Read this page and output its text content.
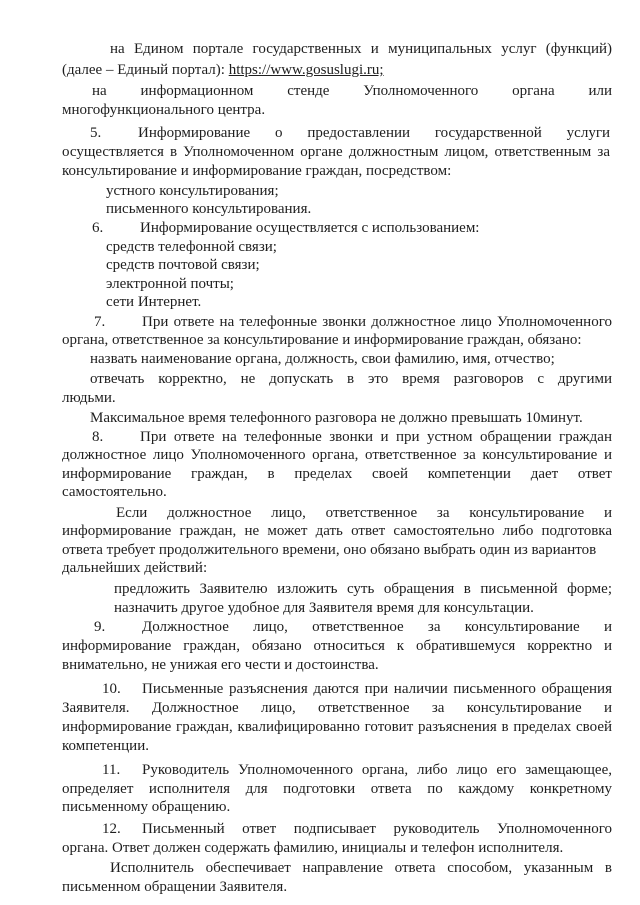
на Едином портале государственных и муниципальных услуг (функций)
(далее – Единый портал): https://www.gosuslugi.ru;
на информационном стенде Уполномоченного органа или
многофункционального центра.
5. Информирование о предоставлении государственной услуги
осуществляется в Уполномоченном органе должностным лицом, ответственным за
консультирование и информирование граждан, посредством:
устного консультирования;
письменного консультирования.
6. Информирование осуществляется с использованием:
средств телефонной связи;
средств почтовой связи;
электронной почты;
сети Интернет.
7. При ответе на телефонные звонки должностное лицо Уполномоченного
органа, ответственное за консультирование и информирование граждан, обязано:
назвать наименование органа, должность, свои фамилию, имя, отчество;
отвечать корректно, не допускать в это время разговоров с другими
людьми.
Максимальное время телефонного разговора не должно превышать 10минут.
8. При ответе на телефонные звонки и при устном обращении граждан
должностное лицо Уполномоченного органа, ответственное за консультирование и
информирование граждан, в пределах своей компетенции дает ответ
самостоятельно.
Если должностное лицо, ответственное за консультирование и
информирование граждан, не может дать ответ самостоятельно либо подготовка
ответа требует продолжительного времени, оно обязано выбрать один из вариантов
дальнейших действий:
предложить Заявителю изложить суть обращения в письменной форме;
назначить другое удобное для Заявителя время для консультации.
9. Должностное лицо, ответственное за консультирование и
информирование граждан, обязано относиться к обратившемуся корректно и
внимательно, не унижая его чести и достоинства.
10. Письменные разъяснения даются при наличии письменного обращения
Заявителя. Должностное лицо, ответственное за консультирование и
информирование граждан, квалифицированно готовит разъяснения в пределах своей
компетенции.
11. Руководитель Уполномоченного органа, либо лицо его замещающее,
определяет исполнителя для подготовки ответа по каждому конкретному
письменному обращению.
12. Письменный ответ подписывает руководитель Уполномоченного
органа. Ответ должен содержать фамилию, инициалы и телефон исполнителя.
Исполнитель обеспечивает направление ответа способом, указанным в
письменном обращении Заявителя.
